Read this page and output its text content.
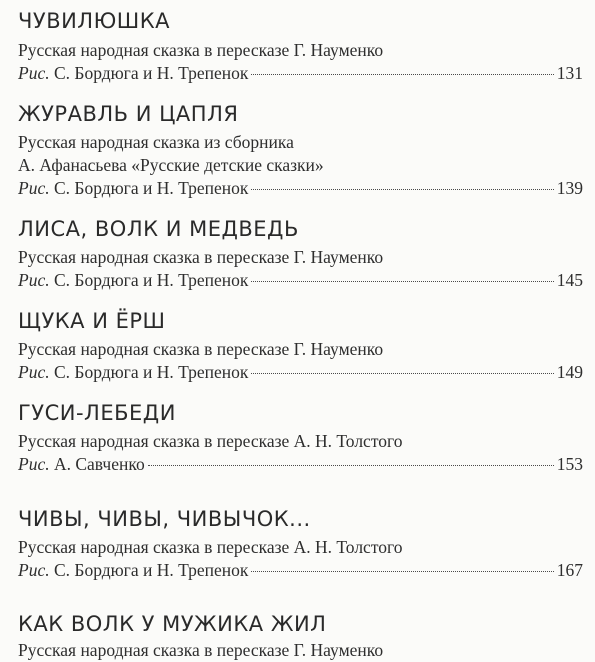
ЧУВИЛЮШКА
Русская народная сказка в пересказе Г. Науменко
Рис. С. Бордюга и Н. Трепенок	131
ЖУРАВЛЬ И ЦАПЛЯ
Русская народная сказка из сборника
А. Афанасьева «Русские детские сказки»
Рис. С. Бордюга и Н. Трепенок	139
ЛИСА, ВОЛК И МЕДВЕДЬ
Русская народная сказка в пересказе Г. Науменко
Рис. С. Бордюга и Н. Трепенок	145
ЩУКА И ЁРШ
Русская народная сказка в пересказе Г. Науменко
Рис. С. Бордюга и Н. Трепенок	149
ГУСИ-ЛЕБЕДИ
Русская народная сказка в пересказе А. Н. Толстого
Рис. А. Савченко	153
ЧИВЫ, ЧИВЫ, ЧИВЫЧОК...
Русская народная сказка в пересказе А. Н. Толстого
Рис. С. Бордюга и Н. Трепенок	167
КАК ВОЛК У МУЖИКА ЖИЛ
Русская народная сказка в пересказе Г. Науменко
